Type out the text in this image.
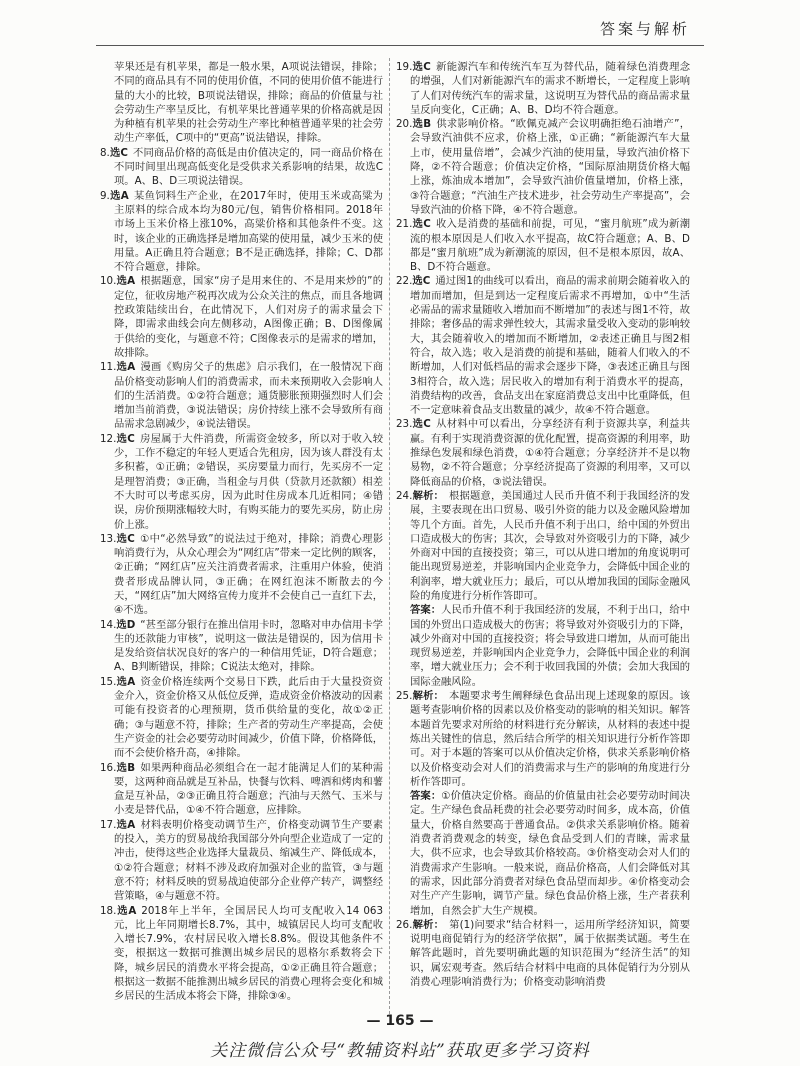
答案与解析
苹果还是有机苹果，都是一般水果，A项说法错误，排除；不同的商品具有不同的使用价值，不同的使用价值不能进行量的大小的比较，B项说法错误，排除；商品的价值量与社会劳动生产率呈反比，有机苹果比普通苹果的价格高就是因为种植有机苹果的社会劳动生产率比种植普通苹果的社会劳动生产率低，C项中的“更高”说法错误，排除。
8.选C 不同商品价格的高低是由价值决定的，同一商品价格在不同时间里出现高低变化是受供求关系影响的结果，故选C项。A、B、D三项说法错误。
9.选A 某鱼饲料生产企业，在2017年时，使用玉米或高粱为主原料的综合成本均为80元/包，销售价格相同。2018年市场上玉米价格上涨10%，高粱价格和其他条件不变。这时，该企业的正确选择是增加高粱的使用量，减少玉米的使用量。A正确且符合题意；B不是正确选择，排除；C、D都不符合题意，排除。
10.选A 根据题意，国家“房子是用来住的、不是用来炒的”的定位，征收房地产税再次成为公众关注的焦点，而且各地调控政策陆续出台，在此情况下，人们对房子的需求量会下降，即需求曲线会向左侧移动，A图像正确；B、D图像属于供给的变化，与题意不符；C图像表示的是需求的增加，故排除。
11.选A 漫画《购房父子的焦虑》启示我们，在一般情况下商品价格变动影响人们的消费需求，而未来预期收入会影响人们的生活消费。①②符合题意；通货膨胀预期强烈时人们会增加当前消费，③说法错误；房价持续上涨不会导致所有商品需求急剧减少，④说法错误。
12.选C 房屋属于大件消费，所需资金较多，所以对于收入较少，工作不稳定的年轻人更适合先租房，因为该人群没有太多积蓄，①正确；②错误，买房要量力而行，先买房不一定是理智消费；③正确，当租金与月供（贷款月还款额）相差不大时可以考虑买房，因为此时住房成本几近相同；④错误，房价预期涨幅较大时，有购买能力的要先买房，防止房价上涨。
13.选C ①中“必然导致”的说法过于绝对，排除；消费心理影响消费行为，从众心理会为“网红店”带来一定比例的顾客，②正确；“网红店”应关注消费者需求，注重用户体验，使消费者形成品牌认同，③正确；在网红泡沫不断散去的今天，“网红店”加大网络宣传力度并不会使自己一直红下去，④不选。
14.选D “甚至部分银行在推出信用卡时，忽略对申办信用卡学生的还款能力审核”，说明这一做法是错误的，因为信用卡是发给资信状况良好的客户的一种信用凭证，D符合题意；A、B判断错误，排除；C说法太绝对，排除。
15.选A 资金价格连续两个交易日下跌，此后由于大量投资资金介入，资金价格又从低位反弹，造成资金价格波动的因素可能有投资者的心理预期，货币供给量的变化，故①②正确；③与题意不符，排除；生产者的劳动生产率提高，会使生产资金的社会必要劳动时间减少，价值下降，价格降低，而不会使价格升高，④排除。
16.选B 如果两种商品必须组合在一起才能满足人们的某种需要，这两种商品就是互补品，快餐与饮料、啤酒和烤肉和薯盒是互补品，②③正确且符合题意；汽油与天然气、玉米与小麦是替代品，①④不符合题意，应排除。
17.选A 材料表明价格变动调节生产，价格变动调节生产要素的投入，美方的贸易战给我国部分外向型企业造成了一定的冲击，使得这些企业选择大量裁员、缩减生产、降低成本，①②符合题意；材料不涉及政府加强对企业的监管，③与题意不符；材料反映的贸易战迫使部分企业停产转产，调整经营策略，④与题意不符。
18.选A 2018年上半年，全国居民人均可支配收入14 063元，比上年同期增长8.7%，其中，城镇居民人均可支配收入增长7.9%，农村居民收入增长8.8%。假设其他条件不变，根据这一数据可推测出城乡居民的恩格尔系数将会下降，城乡居民的消费水平将会提高，①②正确且符合题意；根据这一数据不能推测出城乡居民的消费心理将会变化和城乡居民的生活成本将会下降，排除③④。
19.选C 新能源汽车和传统汽车互为替代品，随着绿色消费理念的增强，人们对新能源汽车的需求不断增长，一定程度上影响了人们对传统汽车的需求量，这说明互为替代品的商品需求量呈反向变化，C正确；A、B、D均不符合题意。
20.选B 供求影响价格。“欧佩克减产会议明确拒绝石油增产”，会导致汽油供不应求，价格上涨，①正确；“新能源汽车大量上市，使用量倍增”，会减少汽油的使用量，导致汽油价格下降，②不符合题意；价值决定价格，“国际原油期货价格大幅上涨，炼油成本增加”，会导致汽油价值量增加，价格上涨，③符合题意；“汽油生产技术进步，社会劳动生产率提高”，会导致汽油的价格下降，④不符合题意。
21.选C 收入是消费的基础和前提，可见，“蜜月航班”成为新潮流的根本原因是人们收入水平提高，故C符合题意；A、B、D都是“蜜月航班”成为新潮流的原因，但不是根本原因，故A、B、D不符合题意。
22.选C 通过图1的曲线可以看出，商品的需求前期会随着收入的增加而增加，但是到达一定程度后需求不再增加，①中“生活必需品的需求量随收入增加而不断增加”的表述与图1不符，故排除；奢侈品的需求弹性较大，其需求量受收入变动的影响较大，其会随着收入的增加而不断增加，②表述正确且与图2相符合，故入选；收入是消费的前提和基础，随着人们收入的不断增加，人们对低档品的需求会逐步下降，③表述正确且与图3相符合，故入选；居民收入的增加有利于消费水平的提高，消费结构的改善，食品支出在家庭消费总支出中比重降低，但不一定意味着食品支出数量的减少，故④不符合题意。
23.选C 从材料中可以看出，分享经济有利于资源共享，利益共赢。有利于实现消费资源的优化配置，提高资源的利用率，助推绿色发展和绿色消费，①④符合题意；分享经济并不是以物易物，②不符合题意；分享经济提高了资源的利用率，又可以降低商品的价格，③说法错误。
24.解析： 根据题意，美国通过人民币升值不利于我国经济的发展，主要表现在出口贸易、吸引外资的能力以及金融风险增加等几个方面。首先，人民币升值不利于出口，给中国的外贸出口造成极大的伤害；其次，会导致对外资吸引力的下降，减少外商对中国的直接投资；第三，可以从进口增加的角度说明可能出现贸易逆差，并影响国内企业竞争力，会降低中国企业的利润率，增大就业压力；最后，可以从增加我国的国际金融风险的角度进行分析作答即可。
答案：人民币升值不利于我国经济的发展，不利于出口，给中国的外贸出口造成极大的伤害；将导致对外资吸引力的下降，减少外商对中国的直接投资；将会导致进口增加，从而可能出现贸易逆差，并影响国内企业竞争力，会降低中国企业的利润率，增大就业压力；会不利于收回我国的外债；会加大我国的国际金融风险。
25.解析： 本题要求考生阐释绿色食品出现上述现象的原因。该题考查影响价格的因素以及价格变动的影响的相关知识。解答本题首先要求对所给的材料进行充分解读，从材料的表述中提炼出关键性的信息，然后结合所学的相关知识进行分析作答即可。对于本题的答案可以从价值决定价格，供求关系影响价格以及价格变动会对人们的消费需求与生产的影响的角度进行分析作答即可。
答案：①价值决定价格。商品的价值量由社会必要劳动时间决定。生产绿色食品耗费的社会必要劳动时间多，成本高，价值量大，价格自然要高于普通食品。②供求关系影响价格。随着消费者消费观念的转变，绿色食品受到人们的青睐，需求量大，供不应求，也会导致其价格较高。③价格变动会对人们的消费需求产生影响。一般来说，商品价格高，人们会降低对其的需求，因此部分消费者对绿色食品望而却步。④价格变动会对生产产生影响，调节产量。绿色食品价格上涨，生产者获利增加，自然会扩大生产规模。
26.解析： 第(1)问要求“结合材料一，运用所学经济知识，简要说明电商促销行为的经济学依据”，属于依据类试题。考生在解答此题时，首先要明确此题的知识范围为“经济生活”的知识，属宏观考查。然后结合材料中电商的具体促销行为分别从消费心理影响消费行为；价格变动影响消费
— 165 —
关注微信公众号“教辅资料站”获取更多学习资料
